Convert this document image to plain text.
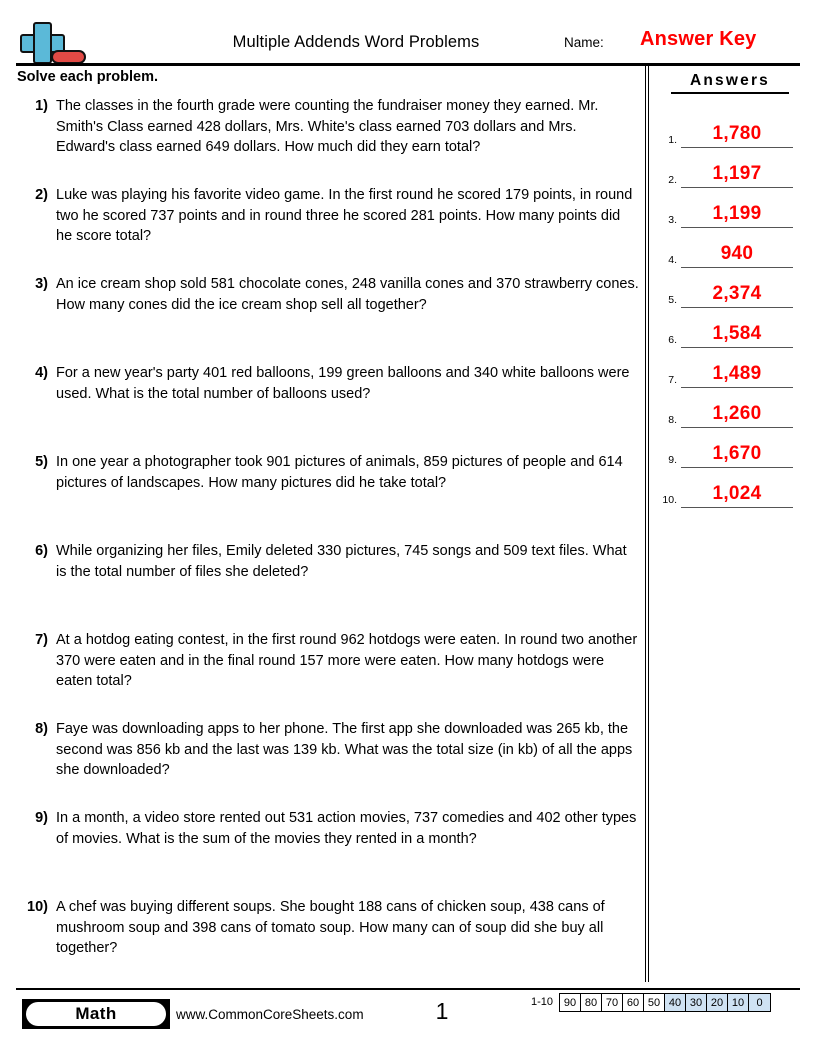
Multiple Addends Word Problems	Name: Answer Key
Solve each problem.
1) The classes in the fourth grade were counting the fundraiser money they earned. Mr. Smith's Class earned 428 dollars, Mrs. White's class earned 703 dollars and Mrs. Edward's class earned 649 dollars. How much did they earn total?
2) Luke was playing his favorite video game. In the first round he scored 179 points, in round two he scored 737 points and in round three he scored 281 points. How many points did he score total?
3) An ice cream shop sold 581 chocolate cones, 248 vanilla cones and 370 strawberry cones. How many cones did the ice cream shop sell all together?
4) For a new year's party 401 red balloons, 199 green balloons and 340 white balloons were used. What is the total number of balloons used?
5) In one year a photographer took 901 pictures of animals, 859 pictures of people and 614 pictures of landscapes. How many pictures did he take total?
6) While organizing her files, Emily deleted 330 pictures, 745 songs and 509 text files. What is the total number of files she deleted?
7) At a hotdog eating contest, in the first round 962 hotdogs were eaten. In round two another 370 were eaten and in the final round 157 more were eaten. How many hotdogs were eaten total?
8) Faye was downloading apps to her phone. The first app she downloaded was 265 kb, the second was 856 kb and the last was 139 kb. What was the total size (in kb) of all the apps she downloaded?
9) In a month, a video store rented out 531 action movies, 737 comedies and 402 other types of movies. What is the sum of the movies they rented in a month?
10) A chef was buying different soups. She bought 188 cans of chicken soup, 438 cans of mushroom soup and 398 cans of tomato soup. How many can of soup did she buy all together?
Answers
1.	1,780
2.	1,197
3.	1,199
4.	940
5.	2,374
6.	1,584
7.	1,489
8.	1,260
9.	1,670
10.	1,024
Math	www.CommonCoreSheets.com	1	1-10 90 80 70 60 50 40 30 20 10	0
